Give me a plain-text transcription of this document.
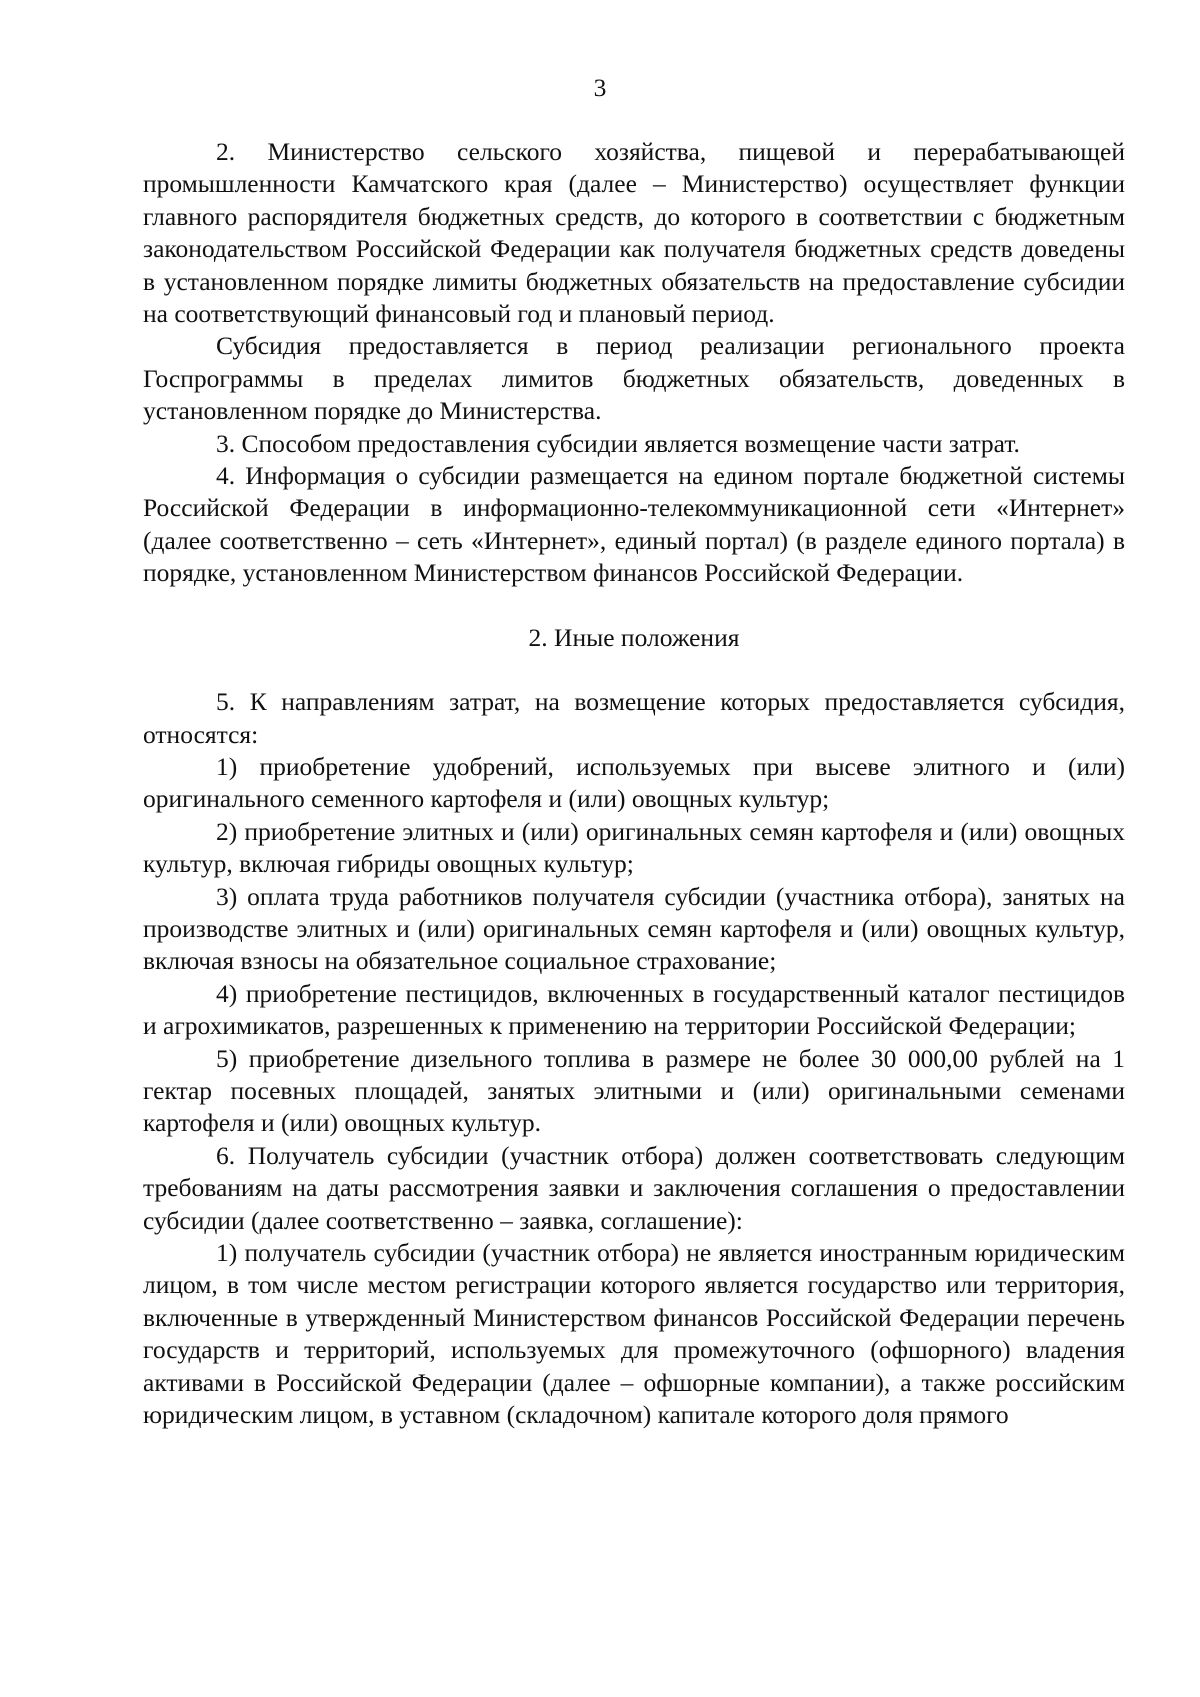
3

2. Министерство сельского хозяйства, пищевой и перерабатывающей промышленности Камчатского края (далее – Министерство) осуществляет функции главного распорядителя бюджетных средств, до которого в соответствии с бюджетным законодательством Российской Федерации как получателя бюджетных средств доведены в установленном порядке лимиты бюджетных обязательств на предоставление субсидии на соответствующий финансовый год и плановый период.

Субсидия предоставляется в период реализации регионального проекта Госпрограммы в пределах лимитов бюджетных обязательств, доведенных в установленном порядке до Министерства.

3. Способом предоставления субсидии является возмещение части затрат.

4. Информация о субсидии размещается на едином портале бюджетной системы Российской Федерации в информационно-телекоммуникационной сети «Интернет» (далее соответственно – сеть «Интернет», единый портал) (в разделе единого портала) в порядке, установленном Министерством финансов Российской Федерации.

2. Иные положения

5. К направлениям затрат, на возмещение которых предоставляется субсидия, относятся:

1) приобретение удобрений, используемых при высеве элитного и (или) оригинального семенного картофеля и (или) овощных культур;

2) приобретение элитных и (или) оригинальных семян картофеля и (или) овощных культур, включая гибриды овощных культур;

3) оплата труда работников получателя субсидии (участника отбора), занятых на производстве элитных и (или) оригинальных семян картофеля и (или) овощных культур, включая взносы на обязательное социальное страхование;

4) приобретение пестицидов, включенных в государственный каталог пестицидов и агрохимикатов, разрешенных к применению на территории Российской Федерации;

5) приобретение дизельного топлива в размере не более 30 000,00 рублей на 1 гектар посевных площадей, занятых элитными и (или) оригинальными семенами картофеля и (или) овощных культур.

6. Получатель субсидии (участник отбора) должен соответствовать следующим требованиям на даты рассмотрения заявки и заключения соглашения о предоставлении субсидии (далее соответственно – заявка, соглашение):

1) получатель субсидии (участник отбора) не является иностранным юридическим лицом, в том числе местом регистрации которого является государство или территория, включенные в утвержденный Министерством финансов Российской Федерации перечень государств и территорий, используемых для промежуточного (офшорного) владения активами в Российской Федерации (далее – офшорные компании), а также российским юридическим лицом, в уставном (складочном) капитале которого доля прямого
